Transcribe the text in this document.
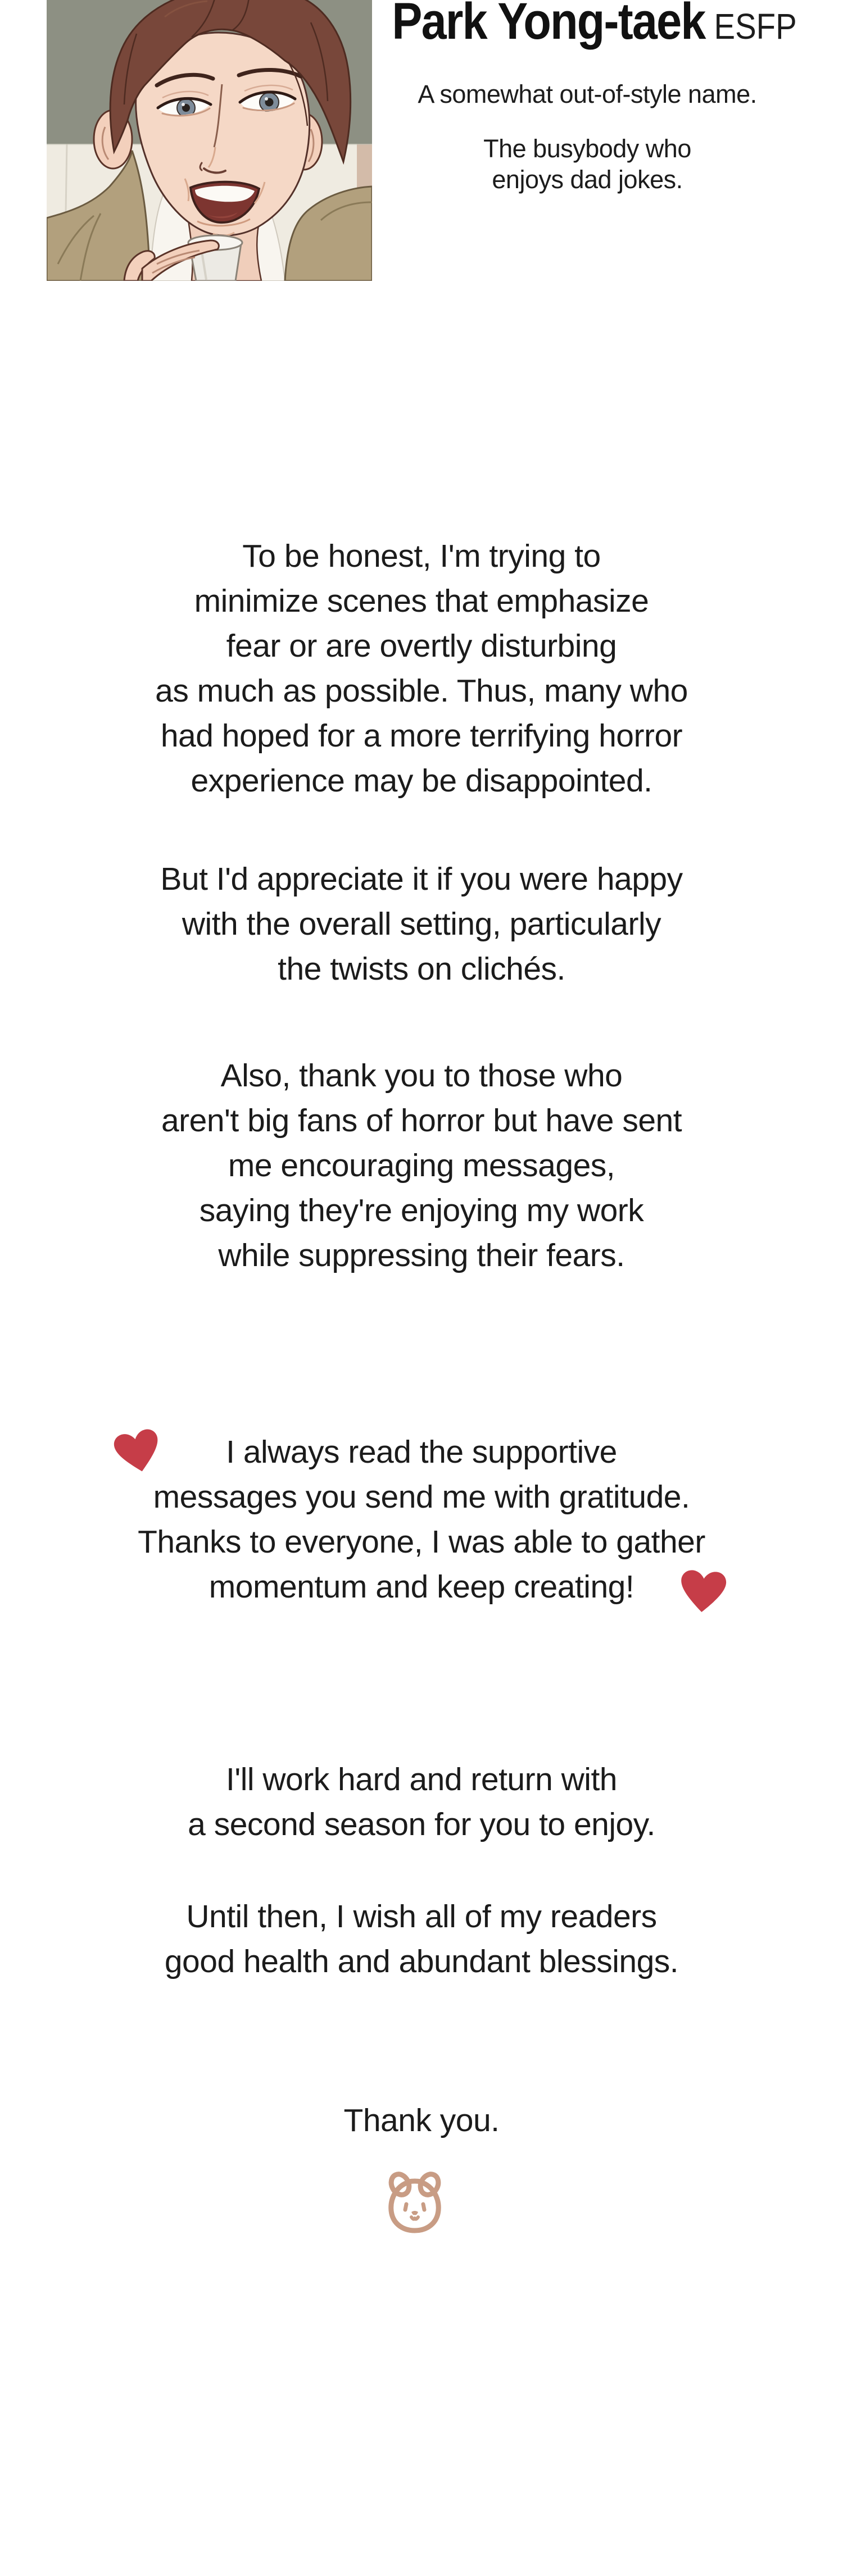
Park Yong-taek ESFP
A somewhat out-of-style name.
The busybody who
enjoys dad jokes.
To be honest, I'm trying to
minimize scenes that emphasize
fear or are overtly disturbing
as much as possible. Thus, many who
had hoped for a more terrifying horror
experience may be disappointed.
But I'd appreciate it if you were happy
with the overall setting, particularly
the twists on clichés.
Also, thank you to those who
aren't big fans of horror but have sent
me encouraging messages,
saying they're enjoying my work
while suppressing their fears.
I always read the supportive
messages you send me with gratitude.
Thanks to everyone, I was able to gather
momentum and keep creating!
I'll work hard and return with
a second season for you to enjoy.
Until then, I wish all of my readers
good health and abundant blessings.
Thank you.
